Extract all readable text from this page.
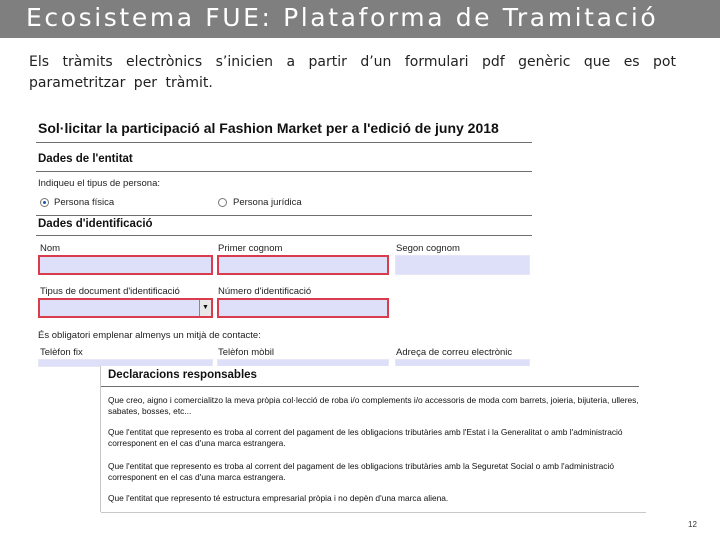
Ecosistema FUE: Plataforma de Tramitació
Els tràmits electrònics s’inicien a partir d’un formulari pdf genèric que es pot parametritzar per tràmit.
Sol·licitar la participació al Fashion Market per a l'edició de juny 2018
Dades de l'entitat
Indiqueu el tipus de persona:
Persona física	Persona jurídica
Dades d'identificació
Nom	Primer cognom	Segon cognom
Tipus de document d'identificació	Número d'identificació
▼
És obligatori emplenar almenys un mitjà de contacte:
Telèfon fix	Telèfon mòbil	Adreça de correu electrònic
Declaracions responsables
Que creo, aigno i comercialitzo la meva pròpia col·lecció de roba i/o complements i/o accessoris de moda com barrets, joieria, bijuteria, ulleres, sabates, bosses, etc...
Que l'entitat que represento es troba al corrent del pagament de les obligacions tributàries amb l'Estat i la Generalitat o amb l'administració corresponent en el cas d'una marca estrangera.
Que l'entitat que represento es troba al corrent del pagament de les obligacions tributàries amb la Seguretat Social o amb l'administració corresponent en el cas d'una marca estrangera.
Que l'entitat que represento té estructura empresarial pròpia i no depèn d'una marca aliena.
12
